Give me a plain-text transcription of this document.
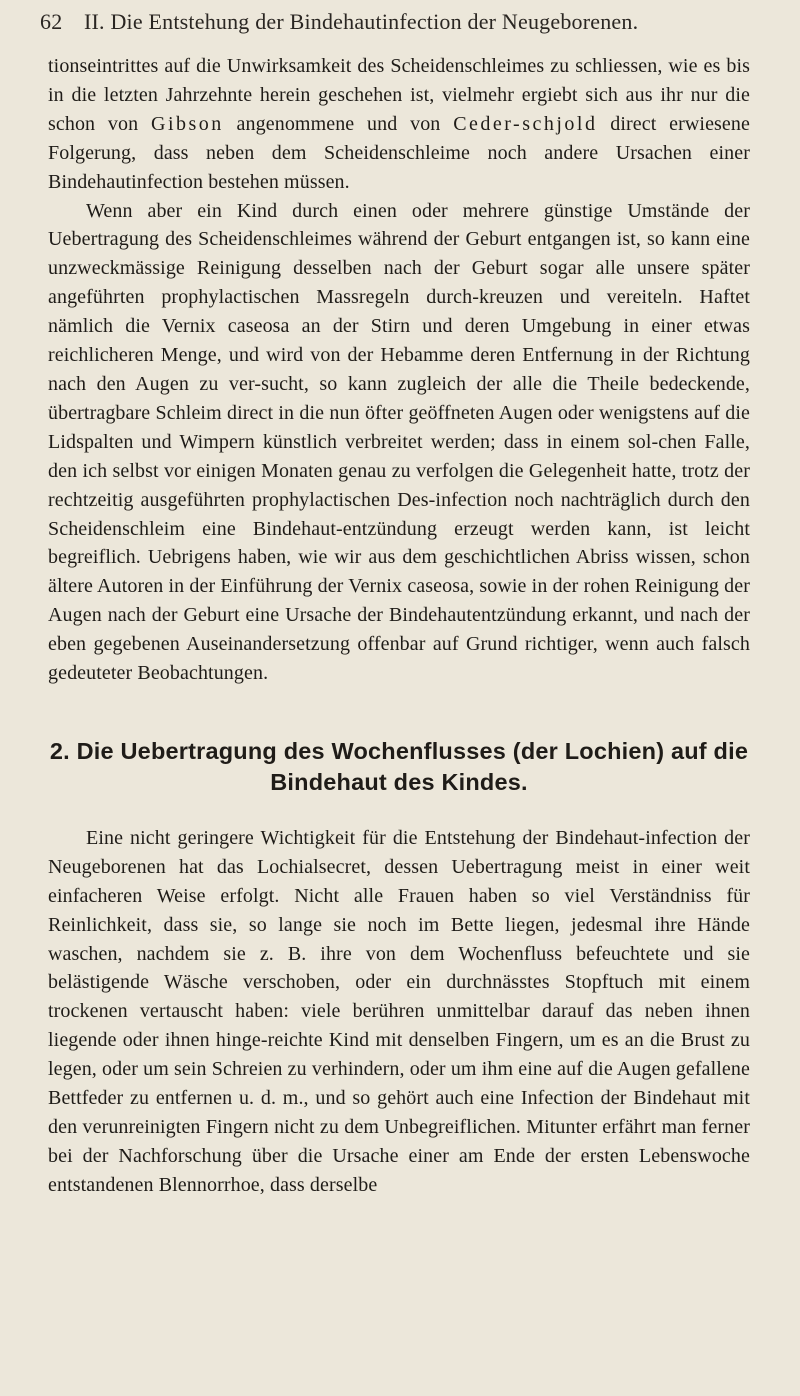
62 II. Die Entstehung der Bindehautinfection der Neugeborenen.

tionseintrittes auf die Unwirksamkeit des Scheidenschleimes zu schliessen, wie es bis in die letzten Jahrzehnte herein geschehen ist, vielmehr ergiebt sich aus ihr nur die schon von Gibson angenommene und von Ceder-schjold direct erwiesene Folgerung, dass neben dem Scheidenschleime noch andere Ursachen einer Bindehautinfection bestehen müssen.

Wenn aber ein Kind durch einen oder mehrere günstige Umstände der Uebertragung des Scheidenschleimes während der Geburt entgangen ist, so kann eine unzweckmässige Reinigung desselben nach der Geburt sogar alle unsere später angeführten prophylactischen Massregeln durch-kreuzen und vereiteln. Haftet nämlich die Vernix caseosa an der Stirn und deren Umgebung in einer etwas reichlicheren Menge, und wird von der Hebamme deren Entfernung in der Richtung nach den Augen zu ver-sucht, so kann zugleich der alle die Theile bedeckende, übertragbare Schleim direct in die nun öfter geöffneten Augen oder wenigstens auf die Lidspalten und Wimpern künstlich verbreitet werden; dass in einem sol-chen Falle, den ich selbst vor einigen Monaten genau zu verfolgen die Gelegenheit hatte, trotz der rechtzeitig ausgeführten prophylactischen Des-infection noch nachträglich durch den Scheidenschleim eine Bindehaut-entzündung erzeugt werden kann, ist leicht begreiflich. Uebrigens haben, wie wir aus dem geschichtlichen Abriss wissen, schon ältere Autoren in der Einführung der Vernix caseosa, sowie in der rohen Reinigung der Augen nach der Geburt eine Ursache der Bindehautentzündung erkannt, und nach der eben gegebenen Auseinandersetzung offenbar auf Grund richtiger, wenn auch falsch gedeuteter Beobachtungen.

2. Die Uebertragung des Wochenflusses (der Lochien) auf die
Bindehaut des Kindes.

Eine nicht geringere Wichtigkeit für die Entstehung der Bindehaut-infection der Neugeborenen hat das Lochialsecret, dessen Uebertragung meist in einer weit einfacheren Weise erfolgt. Nicht alle Frauen haben so viel Verständniss für Reinlichkeit, dass sie, so lange sie noch im Bette liegen, jedesmal ihre Hände waschen, nachdem sie z. B. ihre von dem Wochenfluss befeuchtete und sie belästigende Wäsche verschoben, oder ein durchnässtes Stopftuch mit einem trockenen vertauscht haben: viele berühren unmittelbar darauf das neben ihnen liegende oder ihnen hinge-reichte Kind mit denselben Fingern, um es an die Brust zu legen, oder um sein Schreien zu verhindern, oder um ihm eine auf die Augen gefallene Bettfeder zu entfernen u. d. m., und so gehört auch eine Infection der Bindehaut mit den verunreinigten Fingern nicht zu dem Unbegreiflichen. Mitunter erfährt man ferner bei der Nachforschung über die Ursache einer am Ende der ersten Lebenswoche entstandenen Blennorrhoe, dass derselbe
